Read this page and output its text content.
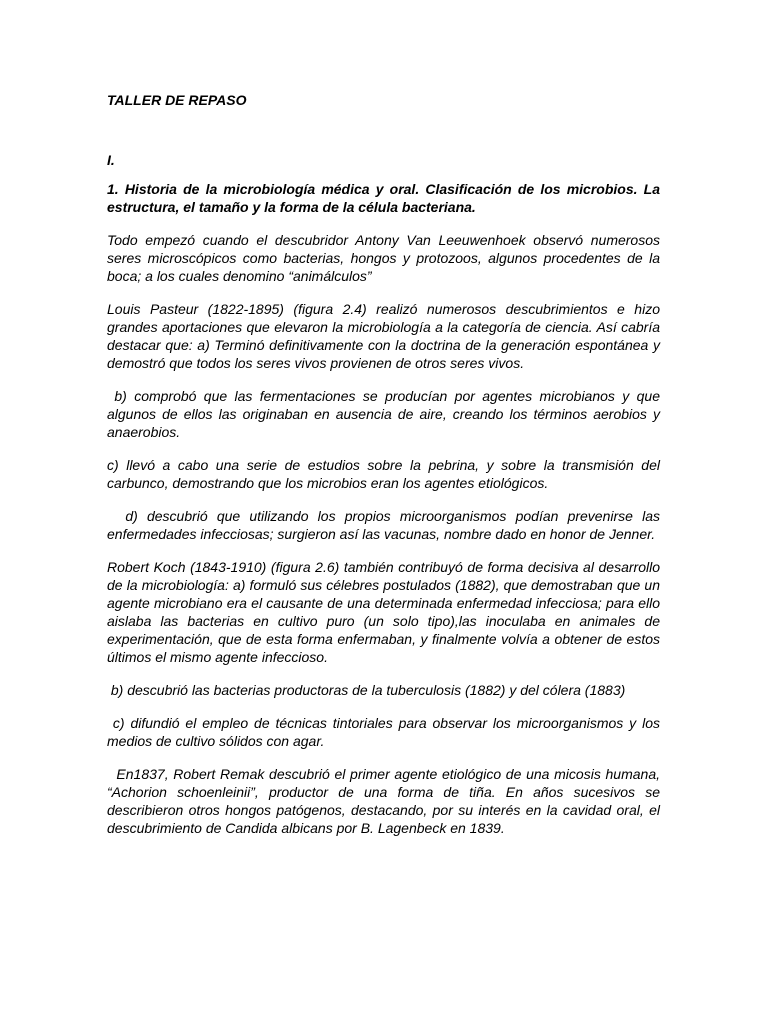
TALLER DE REPASO

I.

1. Historia de la microbiología médica y oral. Clasificación de los microbios. La estructura, el tamaño y la forma de la célula bacteriana.

Todo empezó cuando el descubridor Antony Van Leeuwenhoek observó numerosos seres microscópicos como bacterias, hongos y protozoos, algunos procedentes de la boca; a los cuales denomino “animálculos”

Louis Pasteur (1822-1895) (figura 2.4) realizó numerosos descubrimientos e hizo grandes aportaciones que elevaron la microbiología a la categoría de ciencia. Así cabría destacar que: a) Terminó definitivamente con la doctrina de la generación espontánea y demostró que todos los seres vivos provienen de otros seres vivos.

b) comprobó que las fermentaciones se producían por agentes microbianos y que algunos de ellos las originaban en ausencia de aire, creando los términos aerobios y anaerobios.

c) llevó a cabo una serie de estudios sobre la pebrina, y sobre la transmisión del carbunco, demostrando que los microbios eran los agentes etiológicos.

d) descubrió que utilizando los propios microorganismos podían prevenirse las enfermedades infecciosas; surgieron así las vacunas, nombre dado en honor de Jenner.

Robert Koch (1843-1910) (figura 2.6) también contribuyó de forma decisiva al desarrollo de la microbiología: a) formuló sus célebres postulados (1882), que demostraban que un agente microbiano era el causante de una determinada enfermedad infecciosa; para ello aislaba las bacterias en cultivo puro (un solo tipo),las inoculaba en animales de experimentación, que de esta forma enfermaban, y finalmente volvía a obtener de estos últimos el mismo agente infeccioso.

b) descubrió las bacterias productoras de la tuberculosis (1882) y del cólera (1883)

c) difundió el empleo de técnicas tintoriales para observar los microorganismos y los medios de cultivo sólidos con agar.

En1837, Robert Remak descubrió el primer agente etiológico de una micosis humana, “Achorion schoenleinii”, productor de una forma de tiña. En años sucesivos se describieron otros hongos patógenos, destacando, por su interés en la cavidad oral, el descubrimiento de Candida albicans por B. Lagenbeck en 1839.
